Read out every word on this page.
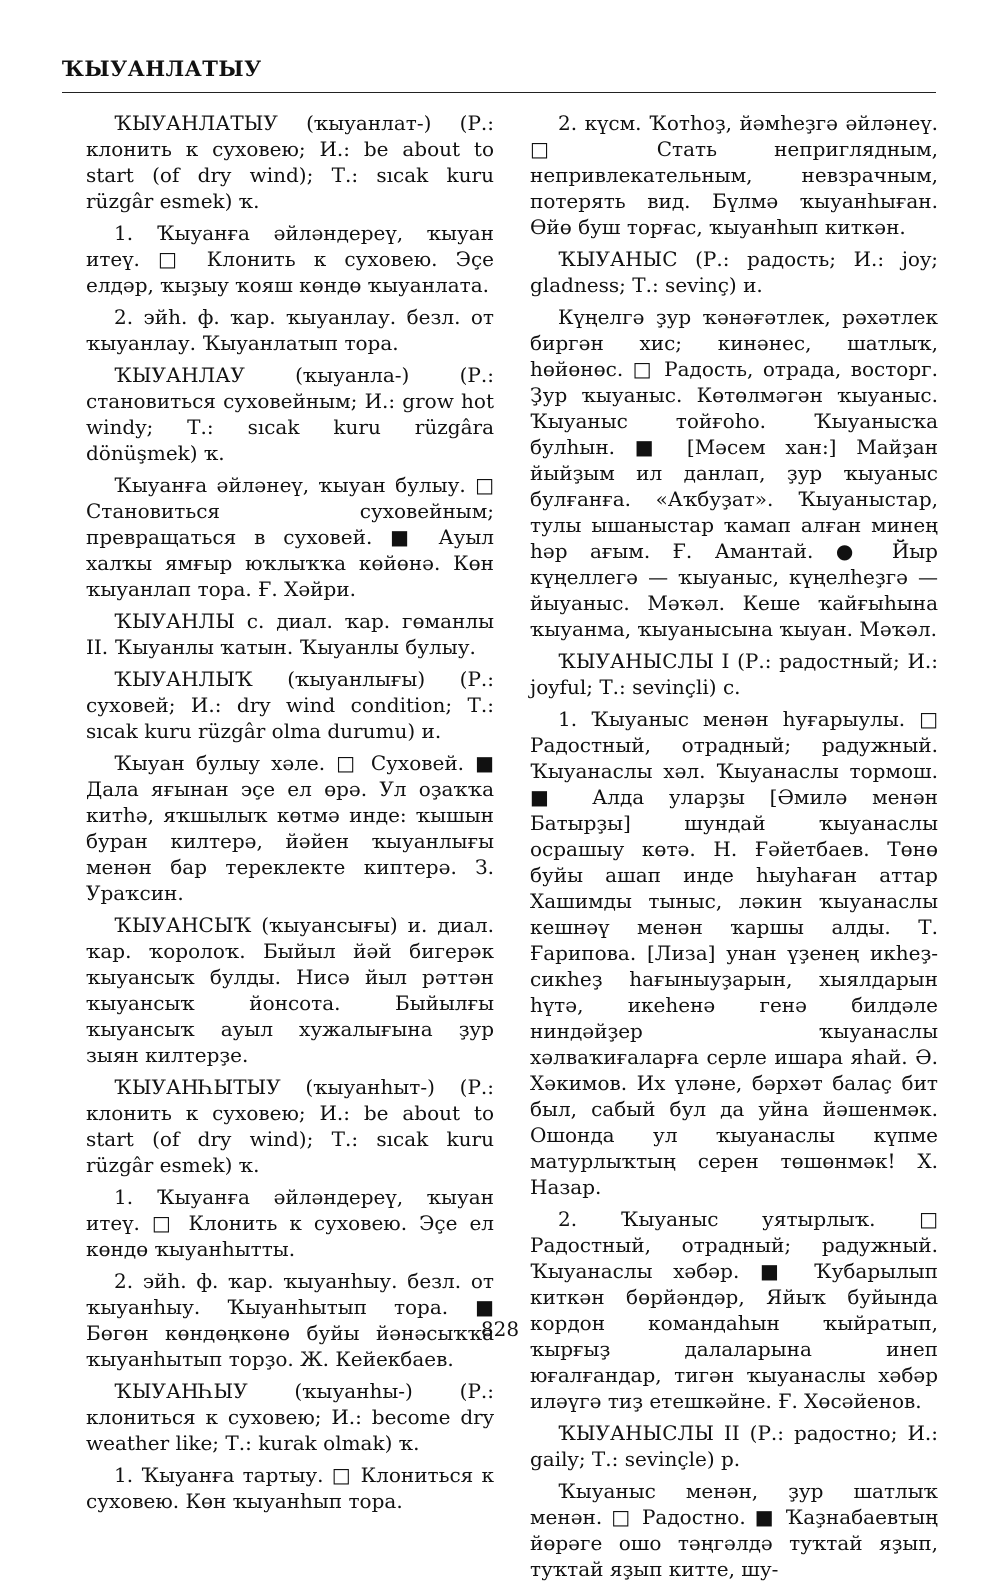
ҠЫУАНЛАТЫУ

ҠЫУАНЛАТЫУ (ҡыуанлат-) (Р.: клонить к суховею; И.: be about to start (of dry wind); Т.: sıcak kuru rüzgâr esmek) ҡ.

1. Ҡыуанға әйләндереү, ҡыуан итеү. □ Клонить к суховею. Эҫе елдәр, ҡыҙыу ҡояш көндө ҡыуанлата.

2. эйһ. ф. ҡар. ҡыуанлау. безл. от ҡыуанлау. Ҡыуанлатып тора.

ҠЫУАНЛАУ (ҡыуанла-) (Р.: становиться суховейным; И.: grow hot windy; Т.: sıcak kuru rüzgâra dönüşmek) ҡ.

Ҡыуанға әйләнеү, ҡыуан булыу. □ Становиться суховейным; превращаться в суховей. ■ Ауыл халҡы ямғыр юҡлыҡҡа көйөнә. Көн ҡыуанлап тора. Ғ. Хәйри.

ҠЫУАНЛЫ с. диал. ҡар. гөманлы II. Ҡыуанлы ҡатын. Ҡыуанлы булыу.

ҠЫУАНЛЫҠ (ҡыуанлығы) (Р.: суховей; И.: dry wind condition; Т.: sıcak kuru rüzgâr olma durumu) и.

Ҡыуан булыу хәле. □ Суховей. ■ Дала яғынан эҫе ел өрә. Ул оҙаҡҡа китһә, яҡшылыҡ көтмә инде: ҡышын буран килтерә, йәйен ҡыуанлығы менән бар тереклекте киптерә. З. Ураҡсин.

ҠЫУАНСЫҠ (ҡыуансығы) и. диал. ҡар. ҡоролоҡ. Быйыл йәй бигерәк ҡыуансыҡ булды. Нисә йыл рәттән ҡыуансыҡ йонсота. Быйылғы ҡыуансыҡ ауыл хужалығына ҙур зыян килтерҙе.

ҠЫУАНҺЫТЫУ (ҡыуанһыт-) (Р.: клонить к суховею; И.: be about to start (of dry wind); Т.: sıcak kuru rüzgâr esmek) ҡ.

1. Ҡыуанға әйләндереү, ҡыуан итеү. □ Клонить к суховею. Эҫе ел көндө ҡыуанһытты.

2. эйһ. ф. ҡар. ҡыуанһыу. безл. от ҡыуанһыу. Ҡыуанһытып тора. ■ Бөгөн көндөңкөнө буйы йәнәсыҡҡа ҡыуанһытып торҙо. Ж. Кейекбаев.

ҠЫУАНҺЫУ (ҡыуанһы-) (Р.: клониться к суховею; И.: become dry weather like; Т.: kurak olmak) ҡ.

1. Ҡыуанға тартыу. □ Клониться к суховею. Көн ҡыуанһып тора.

2. күсм. Ҡотһоҙ, йәмһеҙгә әйләнеү. □ Стать неприглядным, непривлекательным, невзрачным, потерять вид. Бүлмә ҡыуанһыған. Өйө буш торғас, ҡыуанһып киткән.

ҠЫУАНЫС (Р.: радость; И.: joy; gladness; Т.: sevinç) и.

Күңелгә ҙур ҡәнәғәтлек, рәхәтлек биргән хис; кинәнес, шатлыҡ, һөйөнөс. □ Радость, отрада, восторг. Ҙур ҡыуаныс. Көтөлмәгән ҡыуаныс. Ҡыуаныс тойғоһо. Ҡыуанысҡа булһын. ■ [Мәсем хан:] Майҙан йыйҙым ил данлап, ҙур ҡыуаныс булғанға. «Аҡбуҙат». Ҡыуаныстар, тулы ышаныстар ҡамап алған минең һәр ағым. Ғ. Амантай. ● Йыр күңеллегә — ҡыуаныс, күңелһеҙгә — йыуаныс. Мәҡәл. Кеше ҡайғыһына ҡыуанма, ҡыуанысына ҡыуан. Мәҡәл.

ҠЫУАНЫСЛЫ I (Р.: радостный; И.: joyful; Т.: sevinçli) с.

1. Ҡыуаныс менән һуғарыулы. □ Радостный, отрадный; радужный. Ҡыуанаслы хәл. Ҡыуанаслы тормош. ■ Алда уларҙы [Әмилә менән Батырҙы] шундай ҡыуанаслы осрашыу көтә. Н. Ғәйетбаев. Төнө буйы ашап инде һыуһаған аттар Хашимды тыныс, ләкин ҡыуанаслы кешнәү менән ҡаршы алды. Т. Ғарипова. [Лиза] унан үҙенең икһеҙ-сикһеҙ һағыныуҙарын, хыялдарын һүтә, икеһенә генә билдәле ниндәйҙер ҡыуанаслы хәлваҡиғаларға серле ишара яһай. Ә. Хәкимов. Их үләне, бәрхәт балаҫ бит был, сабый бул да уйна йәшенмәк. Ошонда ул ҡыуанаслы күпме матурлыҡтың серен төшөнмәк! Х. Назар.

2. Ҡыуаныс уятырлыҡ. □ Радостный, отрадный; радужный. Ҡыуанаслы хәбәр. ■ Ҡубарылып киткән бөрйәндәр, Яйыҡ буйында кордон командаһын ҡыйратып, ҡырғыҙ далаларына инеп юғалғандар, тигән ҡыуанаслы хәбәр иләүгә тиҙ етешкәйне. Ғ. Хөсәйенов.

ҠЫУАНЫСЛЫ II (Р.: радостно; И.: gaily; Т.: sevinçle) р.

Ҡыуаныс менән, ҙур шатлыҡ менән. □ Радостно. ■ Ҡаҙнабаевтың йөрәге ошо тәңгәлдә туҡтай яҙып, туҡтай яҙып китте, шу-

828
